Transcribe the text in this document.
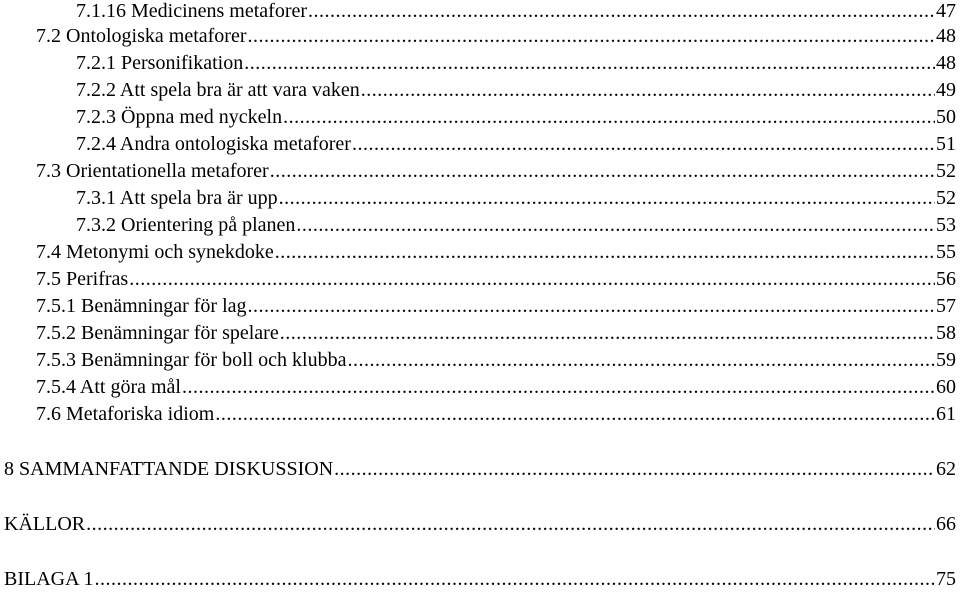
7.1.16 Medicinens metaforer .....	47
7.2 Ontologiska metaforer .....	48
7.2.1 Personifikation .....	48
7.2.2 Att spela bra är att vara vaken .....	49
7.2.3 Öppna med nyckeln .....	50
7.2.4 Andra ontologiska metaforer .....	51
7.3 Orientationella metaforer .....	52
7.3.1 Att spela bra är upp .....	52
7.3.2 Orientering på planen .....	53
7.4 Metonymi och synekdoke .....	55
7.5 Perifras .....	56
7.5.1 Benämningar för lag .....	57
7.5.2 Benämningar för spelare .....	58
7.5.3 Benämningar för boll och klubba .....	59
7.5.4 Att göra mål .....	60
7.6 Metaforiska idiom .....	61
8 SAMMANFATTANDE DISKUSSION .....	62
KÄLLOR .....	66
BILAGA 1 .....	75
